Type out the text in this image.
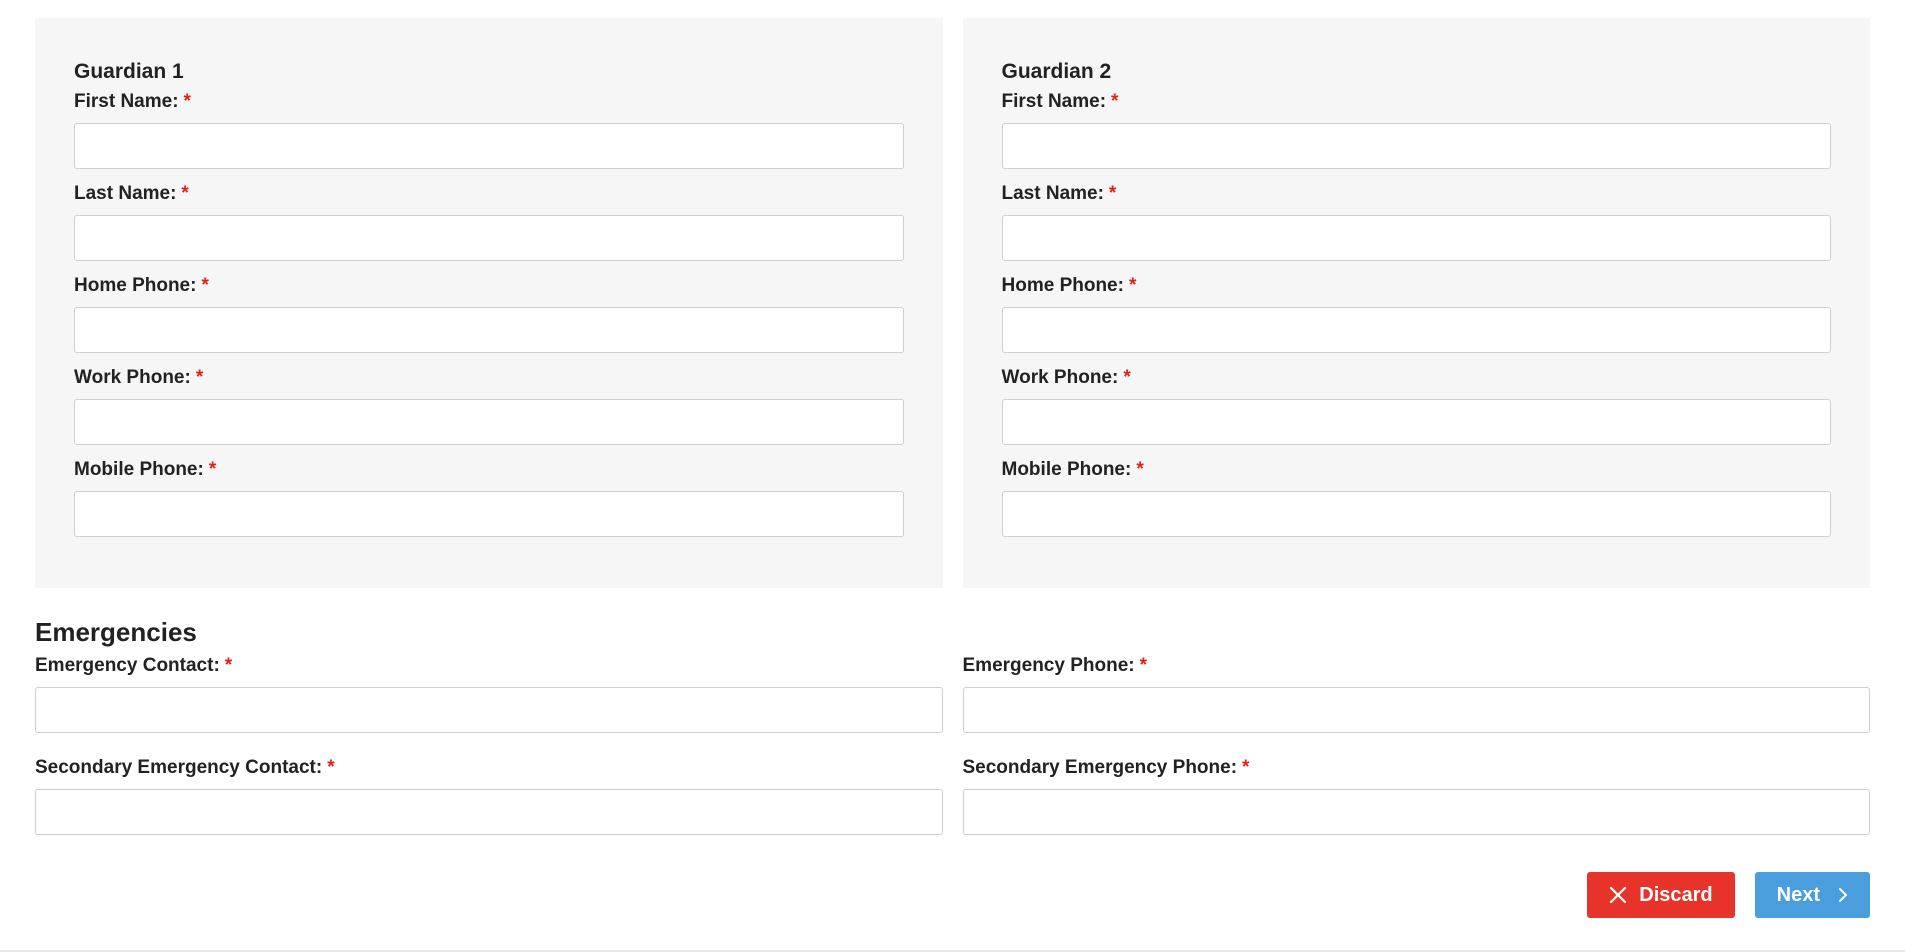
Guardian 1
First Name: *
Last Name: *
Home Phone: *
Work Phone: *
Mobile Phone: *
Guardian 2
First Name: *
Last Name: *
Home Phone: *
Work Phone: *
Mobile Phone: *
Emergencies
Emergency Contact: *	Emergency Phone: *
Secondary Emergency Contact: *	Secondary Emergency Phone: *
Discard	Next
